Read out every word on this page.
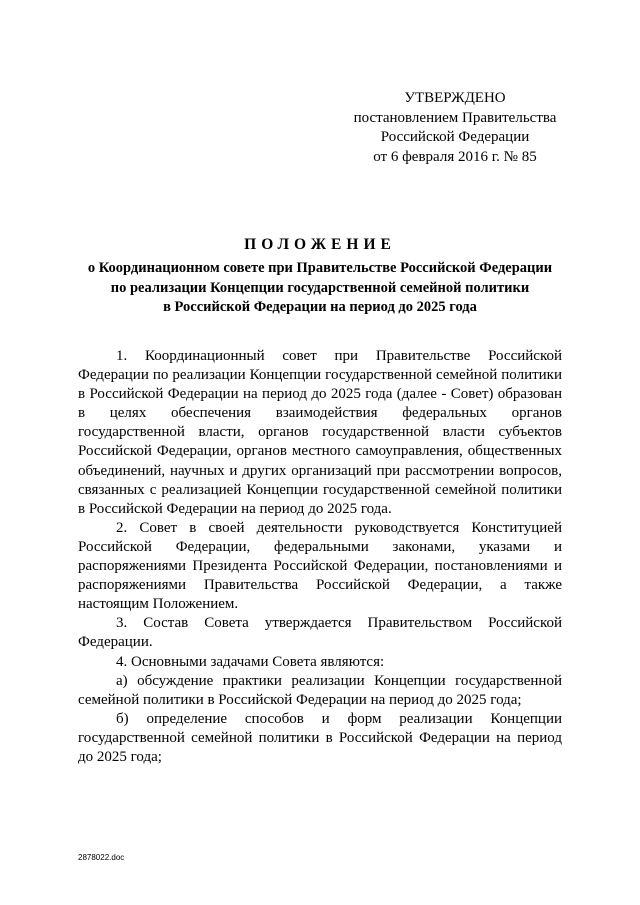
УТВЕРЖДЕНО
постановлением Правительства
Российской Федерации
от 6 февраля 2016 г. № 85
ПОЛОЖЕНИЕ
о Координационном совете при Правительстве Российской Федерации
по реализации Концепции государственной семейной политики
в Российской Федерации на период до 2025 года

1. Координационный совет при Правительстве Российской Федерации по реализации Концепции государственной семейной политики в Российской Федерации на период до 2025 года (далее - Совет) образован в целях обеспечения взаимодействия федеральных органов государственной власти, органов государственной власти субъектов Российской Федерации, органов местного самоуправления, общественных объединений, научных и других организаций при рассмотрении вопросов, связанных с реализацией Концепции государственной семейной политики в Российской Федерации на период до 2025 года.

2. Совет в своей деятельности руководствуется Конституцией Российской Федерации, федеральными законами, указами и распоряжениями Президента Российской Федерации, постановлениями и распоряжениями Правительства Российской Федерации, а также настоящим Положением.

3. Состав Совета утверждается Правительством Российской Федерации.

4. Основными задачами Совета являются:

а) обсуждение практики реализации Концепции государственной семейной политики в Российской Федерации на период до 2025 года;

б) определение способов и форм реализации Концепции государственной семейной политики в Российской Федерации на период до 2025 года;

2878022.doc
